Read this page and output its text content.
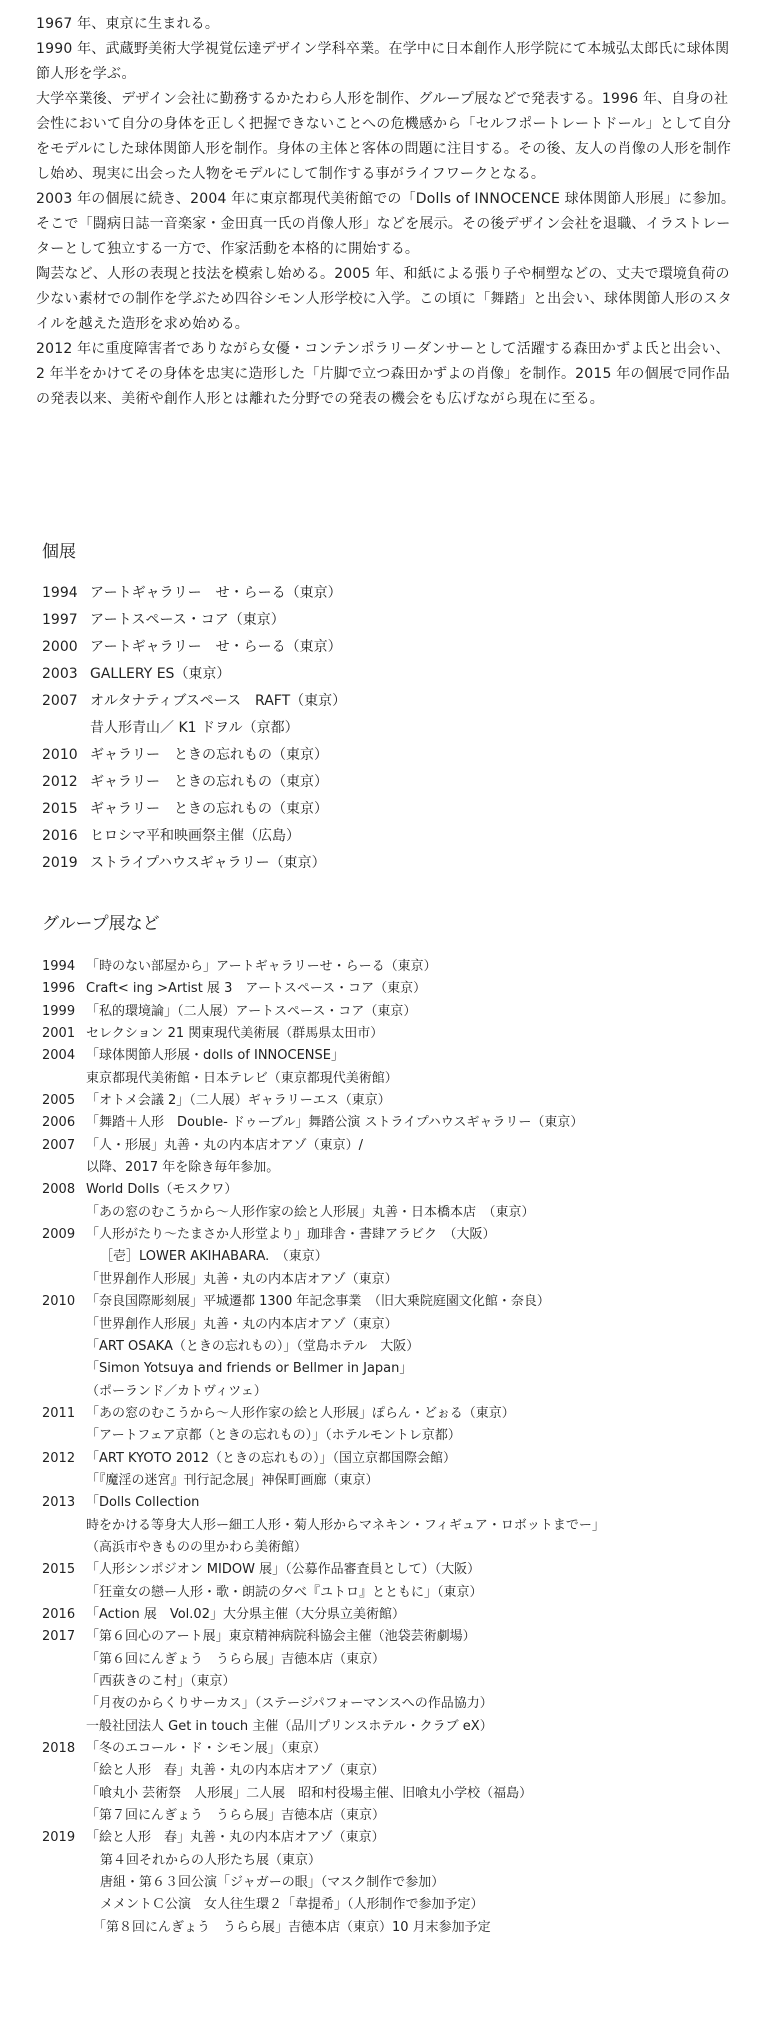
1967 年、東京に生まれる。

1990 年、武蔵野美術大学視覚伝達デザイン学科卒業。在学中に日本創作人形学院にて本城弘太郎氏に球体関節人形を学ぶ。

大学卒業後、デザイン会社に勤務するかたわら人形を制作、グループ展などで発表する。1996 年、自身の社会性において自分の身体を正しく把握できないことへの危機感から「セルフポートレートドール」として自分をモデルにした球体関節人形を制作。身体の主体と客体の問題に注目する。その後、友人の肖像の人形を制作し始め、現実に出会った人物をモデルにして制作する事がライフワークとなる。

2003 年の個展に続き、2004 年に東京都現代美術館での「Dolls of INNOCENCE 球体関節人形展」に参加。そこで「闘病日誌一音楽家・金田真一氏の肖像人形」などを展示。その後デザイン会社を退職、イラストレーターとして独立する一方で、作家活動を本格的に開始する。

陶芸など、人形の表現と技法を模索し始める。2005 年、和紙による張り子や桐塑などの、丈夫で環境負荷の少ない素材での制作を学ぶため四谷シモン人形学校に入学。この頃に「舞踏」と出会い、球体関節人形のスタイルを越えた造形を求め始める。

2012 年に重度障害者でありながら女優・コンテンポラリーダンサーとして活躍する森田かずよ氏と出会い、2 年半をかけてその身体を忠実に造形した「片脚で立つ森田かずよの肖像」を制作。2015 年の個展で同作品の発表以来、美術や創作人形とは離れた分野での発表の機会をも広げながら現在に至る。

個展
1994 アートギャラリー　せ・らーる（東京）
1997 アートスペース・コア（東京）
2000 アートギャラリー　せ・らーる（東京）
2003 GALLERY ES（東京）
2007 オルタナティブスペース　RAFT（東京）
昔人形青山／ K1 ドヲル（京都）
2010 ギャラリー　ときの忘れもの（東京）
2012 ギャラリー　ときの忘れもの（東京）
2015 ギャラリー　ときの忘れもの（東京）
2016 ヒロシマ平和映画祭主催（広島）
2019 ストライプハウスギャラリー（東京）
グループ展など
1994 「時のない部屋から」アートギャラリーせ・らーる（東京）
1996 Craft< ing >Artist 展 3　アートスペース・コア（東京）
1999 「私的環境論」（二人展）アートスペース・コア（東京）
2001 セレクション 21 関東現代美術展（群馬県太田市）
2004 「球体関節人形展・dolls of INNOCENSE」
東京都現代美術館・日本テレビ（東京都現代美術館）
2005 「オトメ会議 2」（二人展）ギャラリーエス（東京）
2006 「舞踏＋人形　Double- ドゥーブル」舞踏公演 ストライプハウスギャラリー（東京）
2007 「人・形展」丸善・丸の内本店オアゾ（東京）/
以降、2017 年を除き毎年参加。
2008 World Dolls（モスクワ）
「あの窓のむこうから～人形作家の絵と人形展」丸善・日本橋本店　（東京）
2009 「人形がたり～たまさか人形堂より」珈琲舎・書肆アラビク　（大阪）
［壱］LOWER AKIHABARA.　（東京）
「世界創作人形展」丸善・丸の内本店オアゾ（東京）
2010 「奈良国際彫刻展」平城遷都 1300 年記念事業　（旧大乗院庭園文化館・奈良）
「世界創作人形展」丸善・丸の内本店オアゾ（東京）
「ART OSAKA（ときの忘れもの）」（堂島ホテル　大阪）
「Simon Yotsuya and friends or Bellmer in Japan」
（ポーランド／カトヴィツェ）
2011 「あの窓のむこうから～人形作家の絵と人形展」ぽらん・どぉる（東京）
「アートフェア京都（ときの忘れもの）」（ホテルモントレ京都）
2012 「ART KYOTO 2012（ときの忘れもの）」（国立京都国際会館）
「『魔淫の迷宮』刊行記念展」神保町画廊（東京）
2013 「Dolls Collection
時をかける等身大人形ー細工人形・菊人形からマネキン・フィギュア・ロボットまでー」
（高浜市やきものの里かわら美術館）
2015 「人形シンポジオン MIDOW 展」（公募作品審査員として）（大阪）
「狂童女の戀ー人形・歌・朗読の夕べ『ユトロ』とともに」（東京）
2016 「Action 展　Vol.02」大分県主催（大分県立美術館）
2017 「第６回心のアート展」東京精神病院科協会主催（池袋芸術劇場）
「第６回にんぎょう　うらら展」吉徳本店（東京）
「西荻きのこ村」（東京）
「月夜のからくりサーカス」（ステージパフォーマンスへの作品協力）
一般社団法人 Get in touch 主催（品川プリンスホテル・クラブ eX）
2018 「冬のエコール・ド・シモン展」（東京）
「絵と人形　春」丸善・丸の内本店オアゾ（東京）
「喰丸小 芸術祭　人形展」二人展　昭和村役場主催、旧喰丸小学校（福島）
「第７回にんぎょう　うらら展」吉徳本店（東京）
2019 「絵と人形　春」丸善・丸の内本店オアゾ（東京）
第４回それからの人形たち展（東京）
唐組・第６３回公演「ジャガーの眼」（マスク制作で参加）
メメントＣ公演　女人往生環２「韋提希」（人形制作で参加予定）
「第８回にんぎょう　うらら展」吉徳本店（東京）10 月末参加予定
